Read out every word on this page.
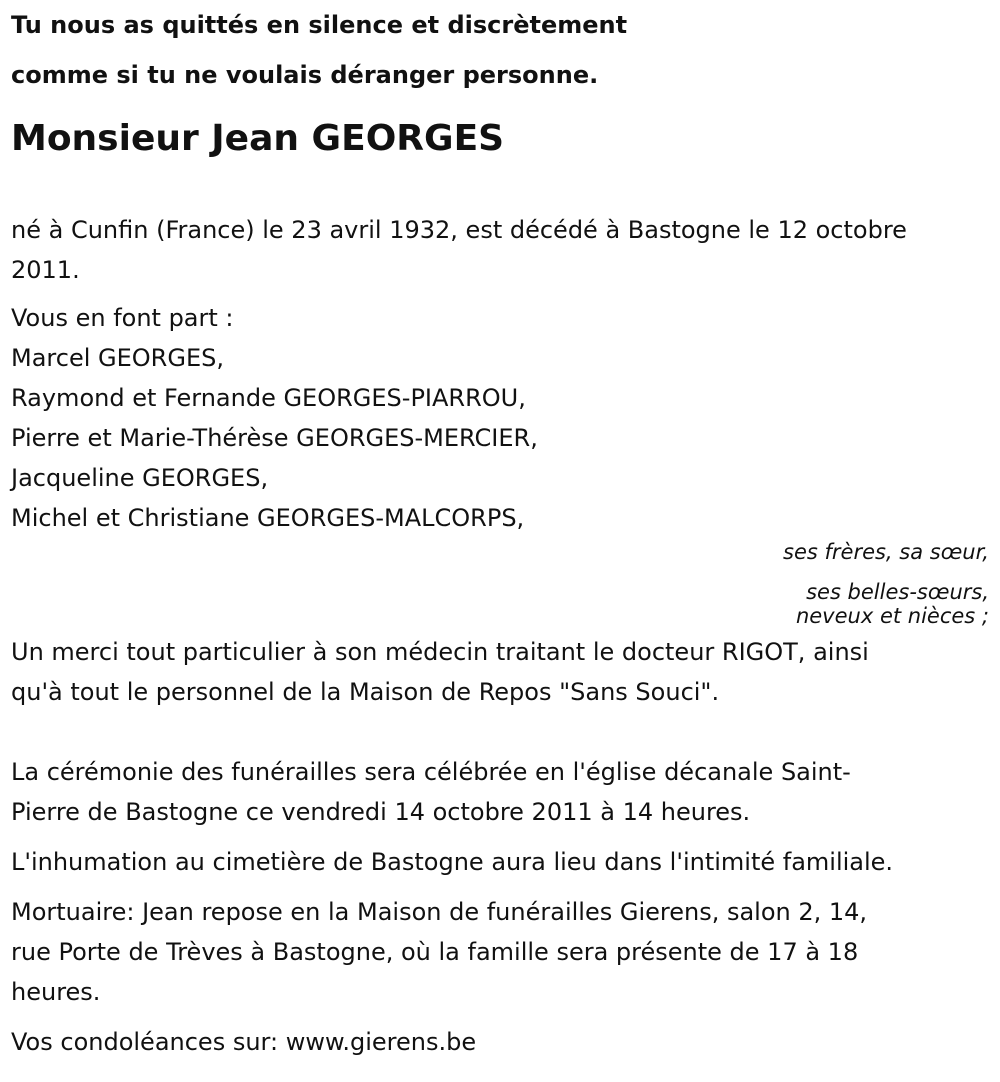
Tu nous as quittés en silence et discrètement
comme si tu ne voulais déranger personne.
Monsieur Jean GEORGES
né à Cunfin (France) le 23 avril 1932, est décédé à Bastogne le 12 octobre
2011.
Vous en font part :
Marcel GEORGES,
Raymond et Fernande GEORGES-PIARROU,
Pierre et Marie-Thérèse GEORGES-MERCIER,
Jacqueline GEORGES,
Michel et Christiane GEORGES-MALCORPS,
ses frères, sa sœur,
ses belles-sœurs,
neveux et nièces ;
Un merci tout particulier à son médecin traitant le docteur RIGOT, ainsi
qu'à tout le personnel de la Maison de Repos "Sans Souci".
La cérémonie des funérailles sera célébrée en l'église décanale Saint-
Pierre de Bastogne ce vendredi 14 octobre 2011 à 14 heures.
L'inhumation au cimetière de Bastogne aura lieu dans l'intimité familiale.
Mortuaire: Jean repose en la Maison de funérailles Gierens, salon 2, 14,
rue Porte de Trèves à Bastogne, où la famille sera présente de 17 à 18
heures.
Vos condoléances sur: www.gierens.be
